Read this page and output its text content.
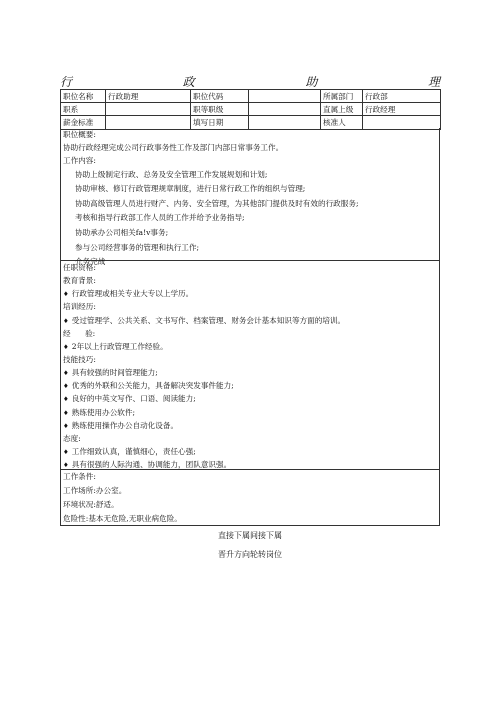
行	政	助	理
职位名称	行政助理	职位代码		所属部门	行政部
职系		职等职级		直属上级	行政经理
薪金标准		填写日期		核准人	
职位概要:
协助行政经理完成公司行政事务性工作及部门内部日常事务工作。
工作内容:
协助上级制定行政、总务及安全管理工作发展规划和计划;
协助审核、修订行政管理规章制度，进行日常行政工作的组织与管理;
协助高级管理人员进行财产、内务、安全管理，为其他部门提供及时有效的行政服务;
考核和指导行政部工作人员的工作并给予业务指导;
协助承办公司相关fa!v事务;
参与公司经营事务的管理和执行工作;
介务完战
任职资格:
教育背景:
♦ 行政管理或相关专业大专以上学历。
培训经历:
♦ 受过管理学、公共关系、文书写作、档案管理、财务会计基本知识等方面的培训。
经      验:
♦ 2年以上行政管理工作经验。
技能技巧:
♦ 具有较强的时间管理能力;
♦ 优秀的外联和公关能力，具备解决突发事件能力;
♦ 良好的中英文写作、口语、阅读能力;
♦ 熟练使用办公软件;
♦ 熟练使用操作办公自动化设备。
态度:
♦ 工作细致认真，谨慎细心，责任心强;
♦ 具有很强的人际沟通、协调能力，团队意识强。
工作条件:
工作场所:办公室。
环境状况:舒适。
危险性:基本无危险,无职业病危险。
直接下属间接下属
晋升方向轮转岗位
